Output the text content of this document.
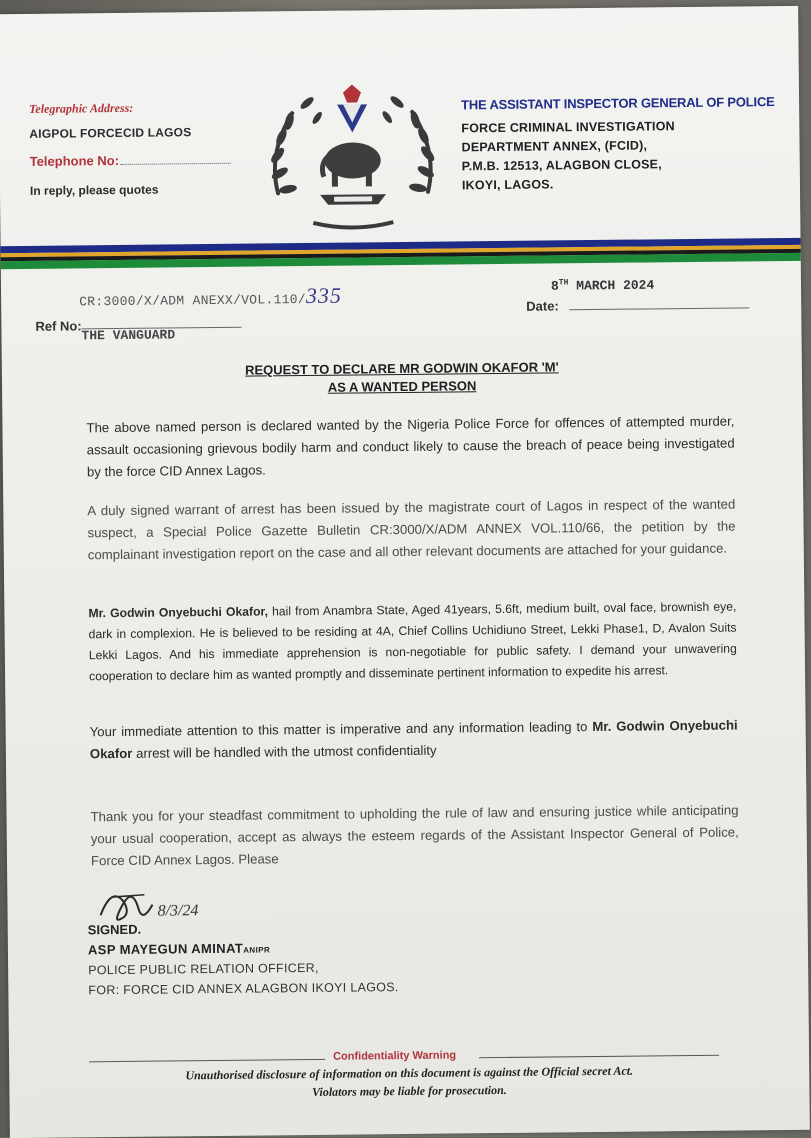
Telegraphic Address:
AIGPOL FORCECID LAGOS
Telephone No:
In reply, please quotes
THE ASSISTANT INSPECTOR GENERAL OF POLICE
FORCE CRIMINAL INVESTIGATION
DEPARTMENT ANNEX, (FCID),
P.M.B. 12513, ALAGBON CLOSE,
IKOYI, LAGOS.
CR:3000/X/ADM ANEXX/VOL.110/335	8TH MARCH 2024
Date:
Ref No:
THE VANGUARD
REQUEST TO DECLARE MR GODWIN OKAFOR 'M'
AS A WANTED PERSON
The above named person is declared wanted by the Nigeria Police Force for offences of attempted murder, assault occasioning grievous bodily harm and conduct likely to cause the breach of peace being investigated by the force CID Annex Lagos.
A duly signed warrant of arrest has been issued by the magistrate court of Lagos in respect of the wanted suspect, a Special Police Gazette Bulletin CR:3000/X/ADM ANNEX VOL.110/66, the petition by the complainant investigation report on the case and all other relevant documents are attached for your guidance.
Mr. Godwin Onyebuchi Okafor, hail from Anambra State, Aged 41years, 5.6ft, medium built, oval face, brownish eye, dark in complexion. He is believed to be residing at 4A, Chief Collins Uchidiuno Street, Lekki Phase1, D, Avalon Suits Lekki Lagos. And his immediate apprehension is non-negotiable for public safety. I demand your unwavering cooperation to declare him as wanted promptly and disseminate pertinent information to expedite his arrest.
Your immediate attention to this matter is imperative and any information leading to Mr. Godwin Onyebuchi Okafor arrest will be handled with the utmost confidentiality
Thank you for your steadfast commitment to upholding the rule of law and ensuring justice while anticipating your usual cooperation, accept as always the esteem regards of the Assistant Inspector General of Police, Force CID Annex Lagos. Please
8/3/24
SIGNED.
ASP MAYEGUN AMINATANIPR
POLICE PUBLIC RELATION OFFICER,
FOR: FORCE CID ANNEX ALAGBON IKOYI LAGOS.
Confidentiality Warning
Unauthorised disclosure of information on this document is against the Official secret Act.
Violators may be liable for prosecution.
